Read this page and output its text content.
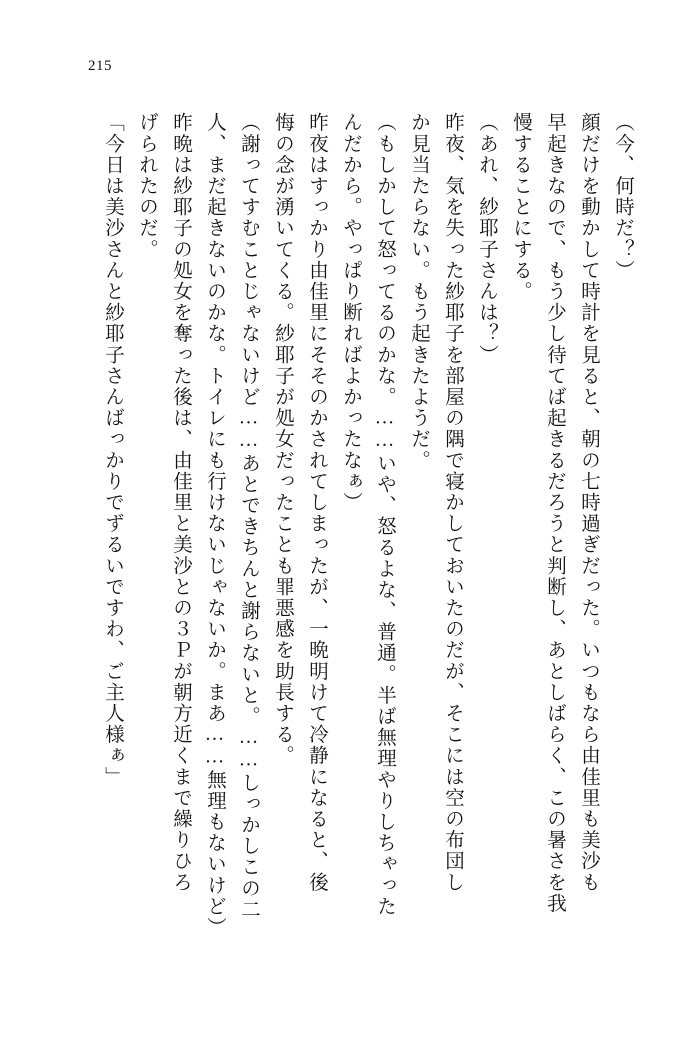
215
（今、何時だ？）
顔だけを動かして時計を見ると、朝の七時過ぎだった。いつもなら由佳里も美沙も
早起きなので、もう少し待てば起きるだろうと判断し、あとしばらく、この暑さを我
慢することにする。
（あれ、紗耶子さんは？）
昨夜、気を失った紗耶子を部屋の隅で寝かしておいたのだが、そこには空の布団し
か見当たらない。もう起きたようだ。
（もしかして怒ってるのかな。……いや、怒るよな、普通。半ば無理やりしちゃった
んだから。やっぱり断ればよかったなぁ）
昨夜はすっかり由佳里にそそのかされてしまったが、一晩明けて冷静になると、後
悔の念が湧いてくる。紗耶子が処女だったことも罪悪感を助長する。
（謝ってすむことじゃないけど……あとできちんと謝らないと。……しっかしこの二
人、まだ起きないのかな。トイレにも行けないじゃないか。まあ……無理もないけど）
昨晩は紗耶子の処女を奪った後は、由佳里と美沙との３Ｐが朝方近くまで繰りひろ
げられたのだ。
「今日は美沙さんと紗耶子さんばっかりでずるいですわ、ご主人様ぁ」
